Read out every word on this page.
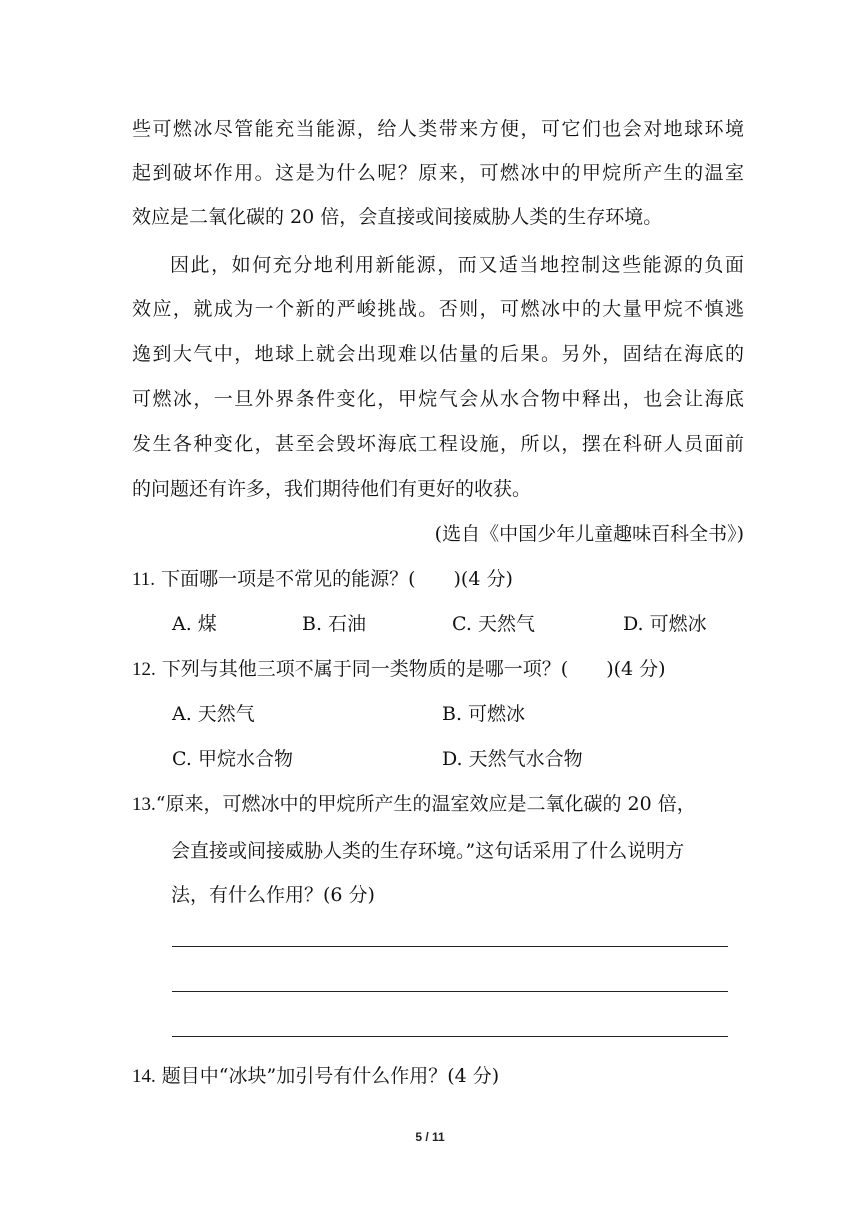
些可燃冰尽管能充当能源，给人类带来方便，可它们也会对地球环境
起到破坏作用。这是为什么呢？原来，可燃冰中的甲烷所产生的温室
效应是二氧化碳的 20 倍，会直接或间接威胁人类的生存环境。
因此，如何充分地利用新能源，而又适当地控制这些能源的负面
效应，就成为一个新的严峻挑战。否则，可燃冰中的大量甲烷不慎逃
逸到大气中，地球上就会出现难以估量的后果。另外，固结在海底的
可燃冰，一旦外界条件变化，甲烷气会从水合物中释出，也会让海底
发生各种变化，甚至会毁坏海底工程设施，所以，摆在科研人员面前
的问题还有许多，我们期待他们有更好的收获。
(选自《中国少年儿童趣味百科全书》)
11. 下面哪一项是不常见的能源？( )(4 分)
A. 煤	B. 石油	C. 天然气	D. 可燃冰
12. 下列与其他三项不属于同一类物质的是哪一项？( )(4 分)
A. 天然气	B. 可燃冰
C. 甲烷水合物	D. 天然气水合物
13.“原来，可燃冰中的甲烷所产生的温室效应是二氧化碳的 20 倍，
会直接或间接威胁人类的生存环境。”这句话采用了什么说明方
法，有什么作用？(6 分)
14. 题目中“冰块”加引号有什么作用？(4 分)
5 / 11
